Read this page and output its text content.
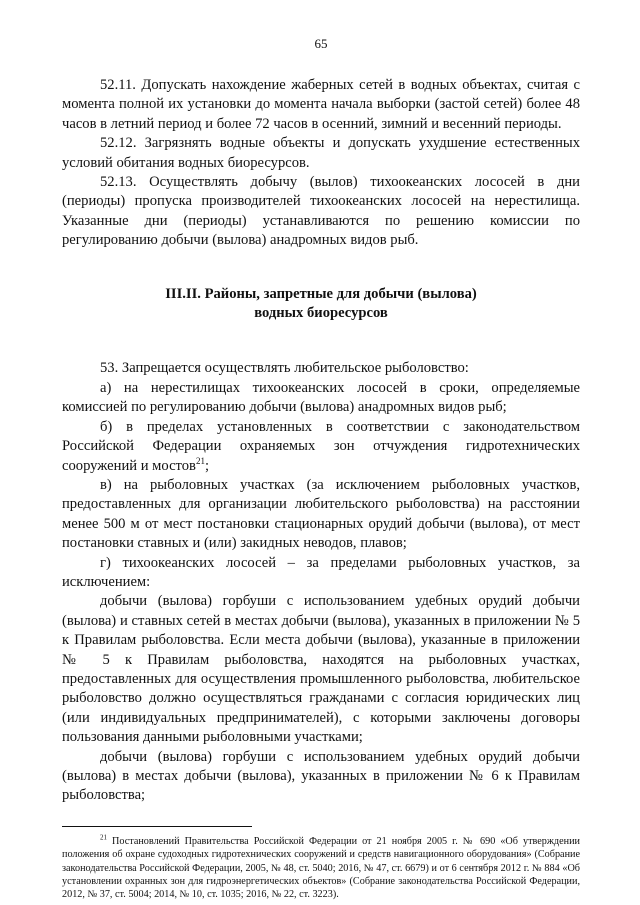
65

52.11. Допускать нахождение жаберных сетей в водных объектах, считая с момента полной их установки до момента начала выборки (застой сетей) более 48 часов в летний период и более 72 часов в осенний, зимний и весенний периоды.

52.12. Загрязнять водные объекты и допускать ухудшение естественных условий обитания водных биоресурсов.

52.13. Осуществлять добычу (вылов) тихоокеанских лососей в дни (периоды) пропуска производителей тихоокеанских лососей на нерестилища. Указанные дни (периоды) устанавливаются по решению комиссии по регулированию добычи (вылова) анадромных видов рыб.

III.II. Районы, запретные для добычи (вылова)
водных биоресурсов

53. Запрещается осуществлять любительское рыболовство:

а) на нерестилищах тихоокеанских лососей в сроки, определяемые комиссией по регулированию добычи (вылова) анадромных видов рыб;

б) в пределах установленных в соответствии с законодательством Российской Федерации охраняемых зон отчуждения гидротехнических сооружений и мостов$^{21}$;

в) на рыболовных участках (за исключением рыболовных участков, предоставленных для организации любительского рыболовства) на расстоянии менее 500 м от мест постановки стационарных орудий добычи (вылова), от мест постановки ставных и (или) закидных неводов, плавов;

г) тихоокеанских лососей – за пределами рыболовных участков, за исключением:

добычи (вылова) горбуши с использованием удебных орудий добычи (вылова) и ставных сетей в местах добычи (вылова), указанных в приложении № 5 к Правилам рыболовства. Если места добычи (вылова), указанные в приложении № 5 к Правилам рыболовства, находятся на рыболовных участках, предоставленных для осуществления промышленного рыболовства, любительское рыболовство должно осуществляться гражданами с согласия юридических лиц (или индивидуальных предпринимателей), с которыми заключены договоры пользования данными рыболовными участками;

добычи (вылова) горбуши с использованием удебных орудий добычи (вылова) в местах добычи (вылова), указанных в приложении № 6 к Правилам рыболовства;

$^{21}$ Постановлений Правительства Российской Федерации от 21 ноября 2005 г. № 690 «Об утверждении положения об охране судоходных гидротехнических сооружений и средств навигационного оборудования» (Собрание законодательства Российской Федерации, 2005, № 48, ст. 5040; 2016, № 47, ст. 6679) и от 6 сентября 2012 г. № 884 «Об установлении охранных зон для гидроэнергетических объектов» (Собрание законодательства Российской Федерации, 2012, № 37, ст. 5004; 2014, № 10, ст. 1035; 2016, № 22, ст. 3223).
